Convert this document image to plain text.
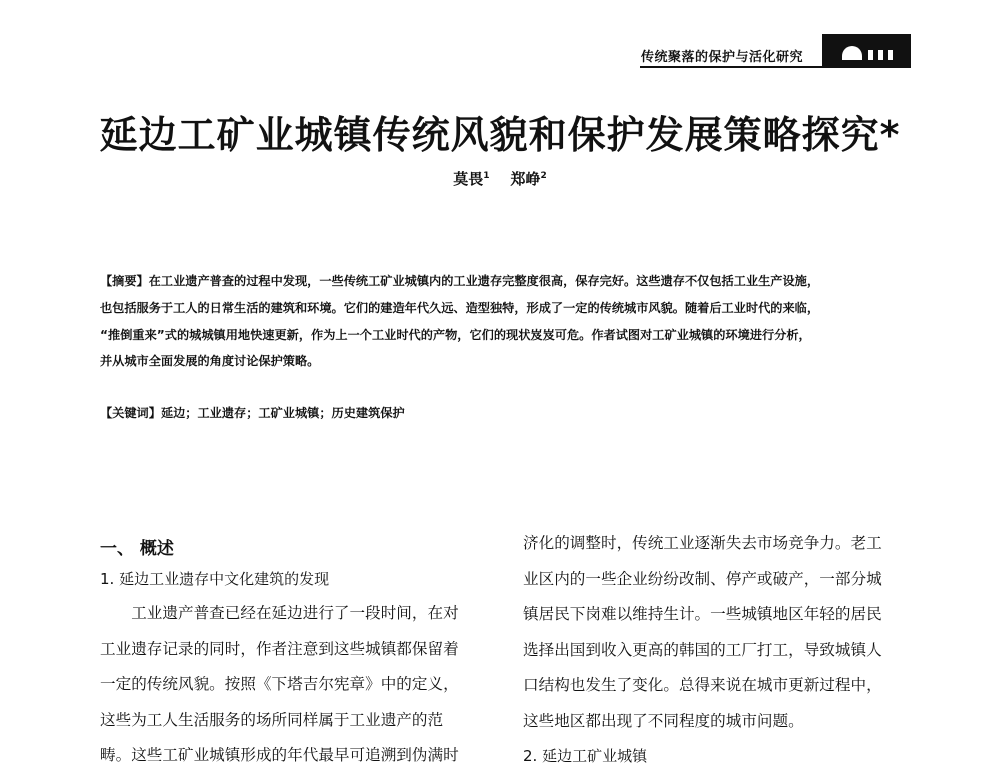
传统聚落的保护与活化研究
延边工矿业城镇传统风貌和保护发展策略探究*
莫畏$^1$ 郑峥$^2$
【摘要】在工业遗产普查的过程中发现，一些传统工矿业城镇内的工业遗存完整度很高，保存完好。这些遗存不仅包括工业生产设施，
也包括服务于工人的日常生活的建筑和环境。它们的建造年代久远、造型独特，形成了一定的传统城市风貌。随着后工业时代的来临，
“推倒重来”式的城城镇用地快速更新，作为上一个工业时代的产物，它们的现状岌岌可危。作者试图对工矿业城镇的环境进行分析，
并从城市全面发展的角度讨论保护策略。
【关键词】延边；工业遗存；工矿业城镇；历史建筑保护
一、 概述
1. 延边工业遗存中文化建筑的发现
　　工业遗产普查已经在延边进行了一段时间，在对
工业遗存记录的同时，作者注意到这些城镇都保留着
一定的传统风貌。按照《下塔吉尔宪章》中的定义，
这些为工人生活服务的场所同样属于工业遗产的范
畴。这些工矿业城镇形成的年代最早可追溯到伪满时
济化的调整时，传统工业逐渐失去市场竞争力。老工
业区内的一些企业纷纷改制、停产或破产，一部分城
镇居民下岗难以维持生计。一些城镇地区年轻的居民
选择出国到收入更高的韩国的工厂打工，导致城镇人
口结构也发生了变化。总得来说在城市更新过程中，
这些地区都出现了不同程度的城市问题。
2. 延边工矿业城镇
